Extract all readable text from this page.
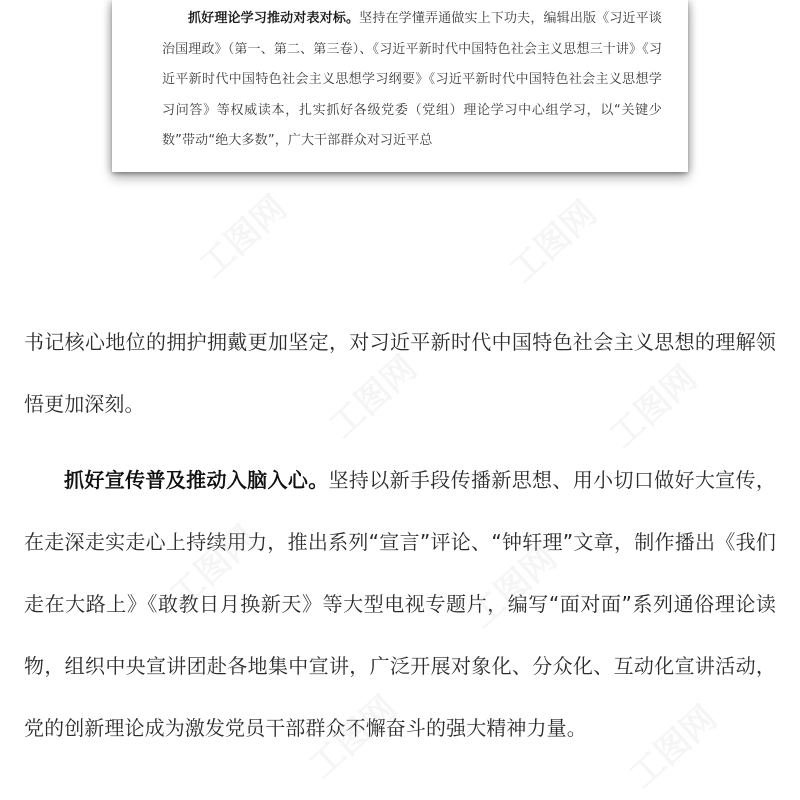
抓好理论学习推动对表对标。坚持在学懂弄通做实上下功夫，编辑出版《习近平谈治国理政》（第一、第二、第三卷）、《习近平新时代中国特色社会主义思想三十讲》《习近平新时代中国特色社会主义思想学习纲要》《习近平新时代中国特色社会主义思想学习问答》等权威读本，扎实抓好各级党委（党组）理论学习中心组学习，以“关键少数”带动“绝大多数”，广大干部群众对习近平总

书记核心地位的拥护拥戴更加坚定，对习近平新时代中国特色社会主义思想的理解领悟更加深刻。

抓好宣传普及推动入脑入心。坚持以新手段传播新思想、用小切口做好大宣传，在走深走实走心上持续用力，推出系列“宣言”评论、“钟轩理”文章，制作播出《我们走在大路上》《敢教日月换新天》等大型电视专题片，编写“面对面”系列通俗理论读物，组织中央宣讲团赴各地集中宣讲，广泛开展对象化、分众化、互动化宣讲活动，党的创新理论成为激发党员干部群众不懈奋斗的强大精神力量。

工图网	工图网
工图网	工图网
工图网	工图网
工图网	工图网
